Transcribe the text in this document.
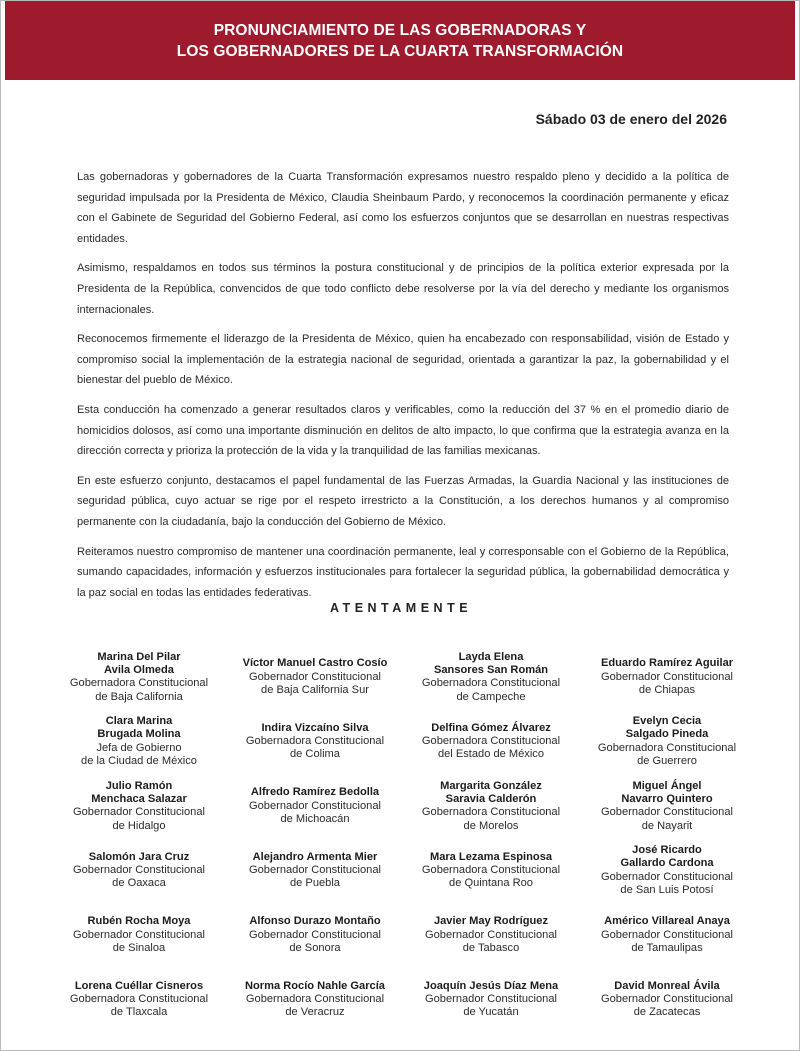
PRONUNCIAMIENTO DE LAS GOBERNADORAS Y
LOS GOBERNADORES DE LA CUARTA TRANSFORMACIÓN
Sábado 03 de enero del 2026

Las gobernadoras y gobernadores de la Cuarta Transformación expresamos nuestro respaldo pleno y decidido a la política de seguridad impulsada por la Presidenta de México, Claudia Sheinbaum Pardo, y reconocemos la coordinación permanente y eficaz con el Gabinete de Seguridad del Gobierno Federal, así como los esfuerzos conjuntos que se desarrollan en nuestras respectivas entidades.

Asimismo, respaldamos en todos sus términos la postura constitucional y de principios de la política exterior expresada por la Presidenta de la República, convencidos de que todo conflicto debe resolverse por la vía del derecho y mediante los organismos internacionales.

Reconocemos firmemente el liderazgo de la Presidenta de México, quien ha encabezado con responsabilidad, visión de Estado y compromiso social la implementación de la estrategia nacional de seguridad, orientada a garantizar la paz, la gobernabilidad y el bienestar del pueblo de México.

Esta conducción ha comenzado a generar resultados claros y verificables, como la reducción del 37 % en el promedio diario de homicidios dolosos, así como una importante disminución en delitos de alto impacto, lo que confirma que la estrategia avanza en la dirección correcta y prioriza la protección de la vida y la tranquilidad de las familias mexicanas.

En este esfuerzo conjunto, destacamos el papel fundamental de las Fuerzas Armadas, la Guardia Nacional y las instituciones de seguridad pública, cuyo actuar se rige por el respeto irrestricto a la Constitución, a los derechos humanos y al compromiso permanente con la ciudadanía, bajo la conducción del Gobierno de México.

Reiteramos nuestro compromiso de mantener una coordinación permanente, leal y corresponsable con el Gobierno de la República, sumando capacidades, información y esfuerzos institucionales para fortalecer la seguridad pública, la gobernabilidad democrática y la paz social en todas las entidades federativas.

ATENTAMENTE
Marina Del Pilar
Avila Olmeda
Gobernadora Constitucional
de Baja California
Víctor Manuel Castro Cosío
Gobernador Constitucional
de Baja California Sur
Layda Elena
Sansores San Román
Gobernadora Constitucional
de Campeche
Eduardo Ramírez Aguilar
Gobernador Constitucional
de Chiapas
Clara Marina
Brugada Molina
Jefa de Gobierno
de la Ciudad de México
Indira Vizcaíno Silva
Gobernadora Constitucional
de Colima
Delfina Gómez Álvarez
Gobernadora Constitucional
del Estado de México
Evelyn Cecia
Salgado Pineda
Gobernadora Constitucional
de Guerrero
Julio Ramón
Menchaca Salazar
Gobernador Constitucional
de Hidalgo
Alfredo Ramírez Bedolla
Gobernador Constitucional
de Michoacán
Margarita González
Saravia Calderón
Gobernadora Constitucional
de Morelos
Miguel Ángel
Navarro Quintero
Gobernador Constitucional
de Nayarit
Salomón Jara Cruz
Gobernador Constitucional
de Oaxaca
Alejandro Armenta Mier
Gobernador Constitucional
de Puebla
Mara Lezama Espinosa
Gobernadora Constitucional
de Quintana Roo
José Ricardo
Gallardo Cardona
Gobernador Constitucional
de San Luis Potosí
Rubén Rocha Moya
Gobernador Constitucional
de Sinaloa
Alfonso Durazo Montaño
Gobernador Constitucional
de Sonora
Javier May Rodríguez
Gobernador Constitucional
de Tabasco
Américo Villareal Anaya
Gobernador Constitucional
de Tamaulipas
Lorena Cuéllar Cisneros
Gobernadora Constitucional
de Tlaxcala
Norma Rocío Nahle García
Gobernadora Constitucional
de Veracruz
Joaquín Jesús Díaz Mena
Gobernador Constitucional
de Yucatán
David Monreal Ávila
Gobernador Constitucional
de Zacatecas
